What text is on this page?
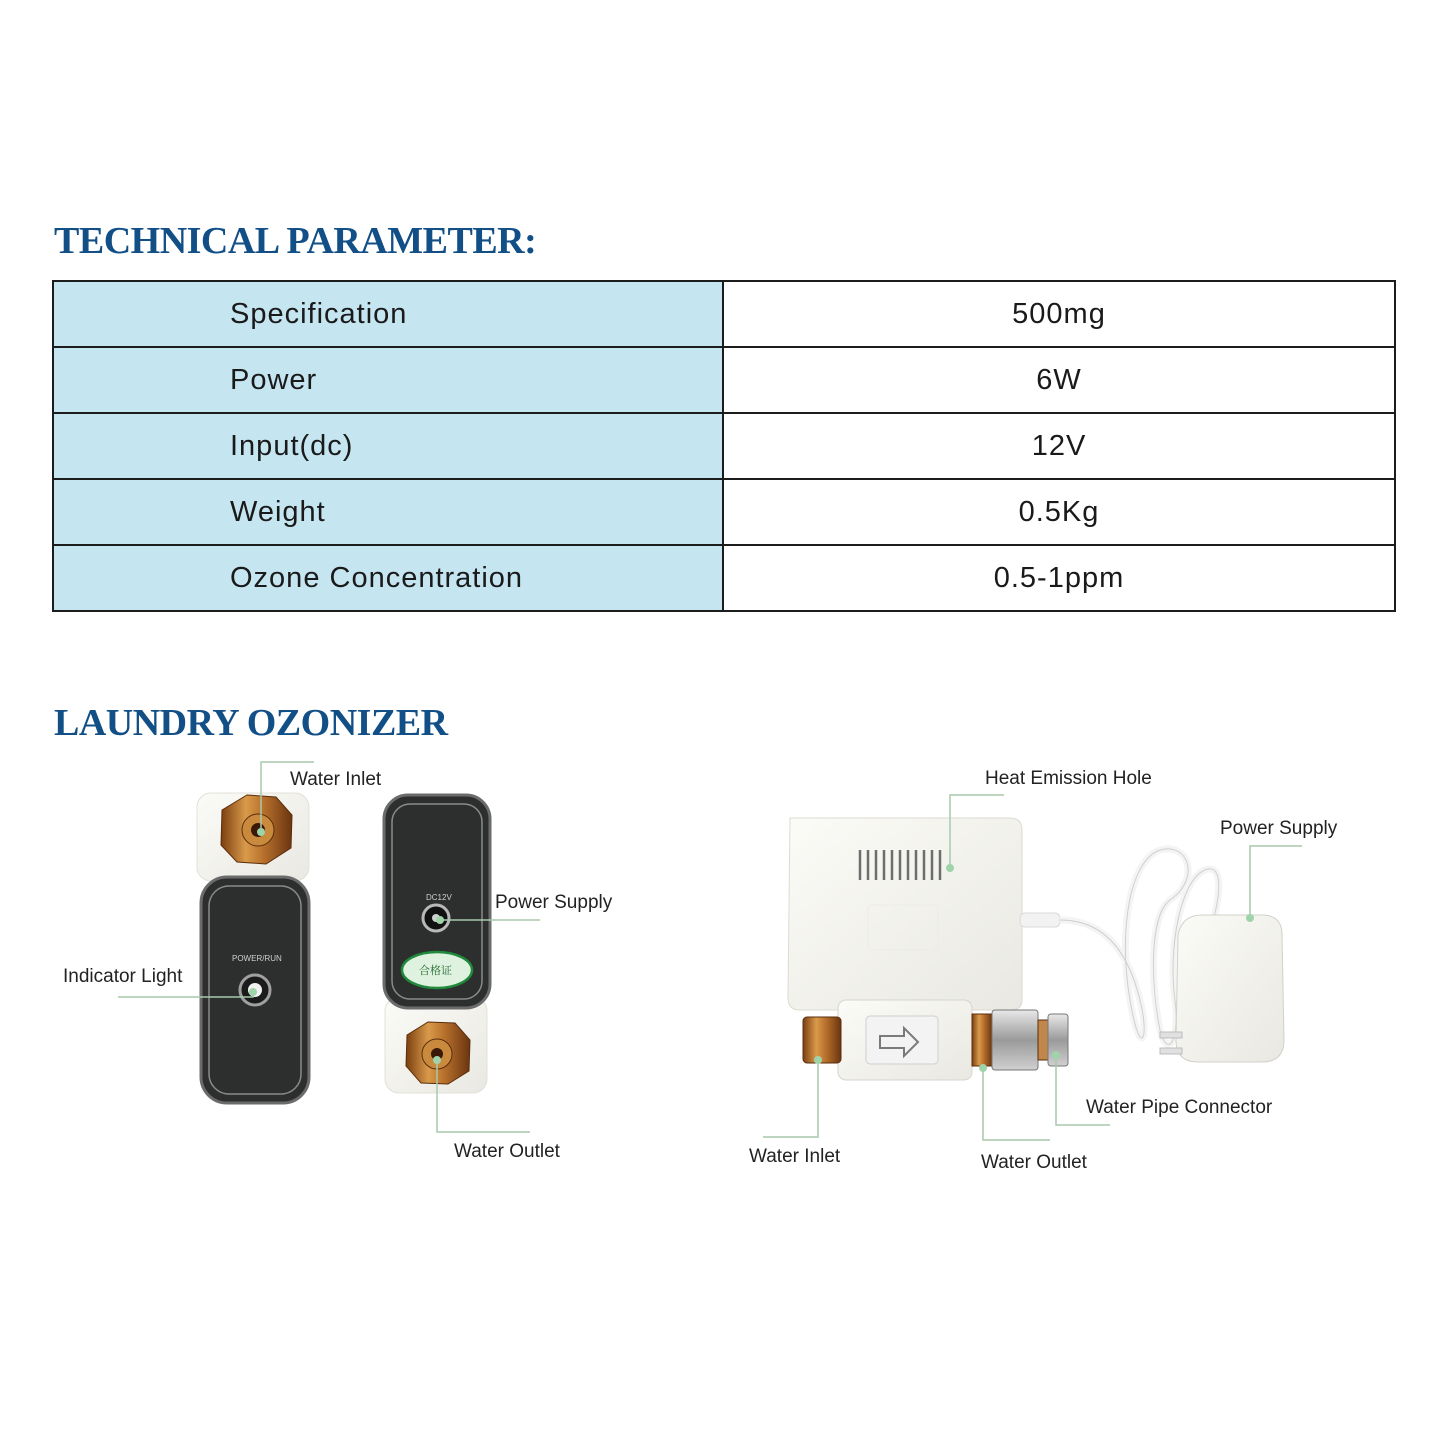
TECHNICAL PARAMETER:
Specification	500mg
Power	6W
Input(dc)	12V
Weight	0.5Kg
Ozone Concentration	0.5-1ppm
LAUNDRY OZONIZER
POWER/RUN
DC12V
合格证
Water Inlet
Power Supply
Indicator Light
Water Outlet
Heat Emission Hole
Power Supply
Water Pipe Connector
Water Inlet	Water Outlet
